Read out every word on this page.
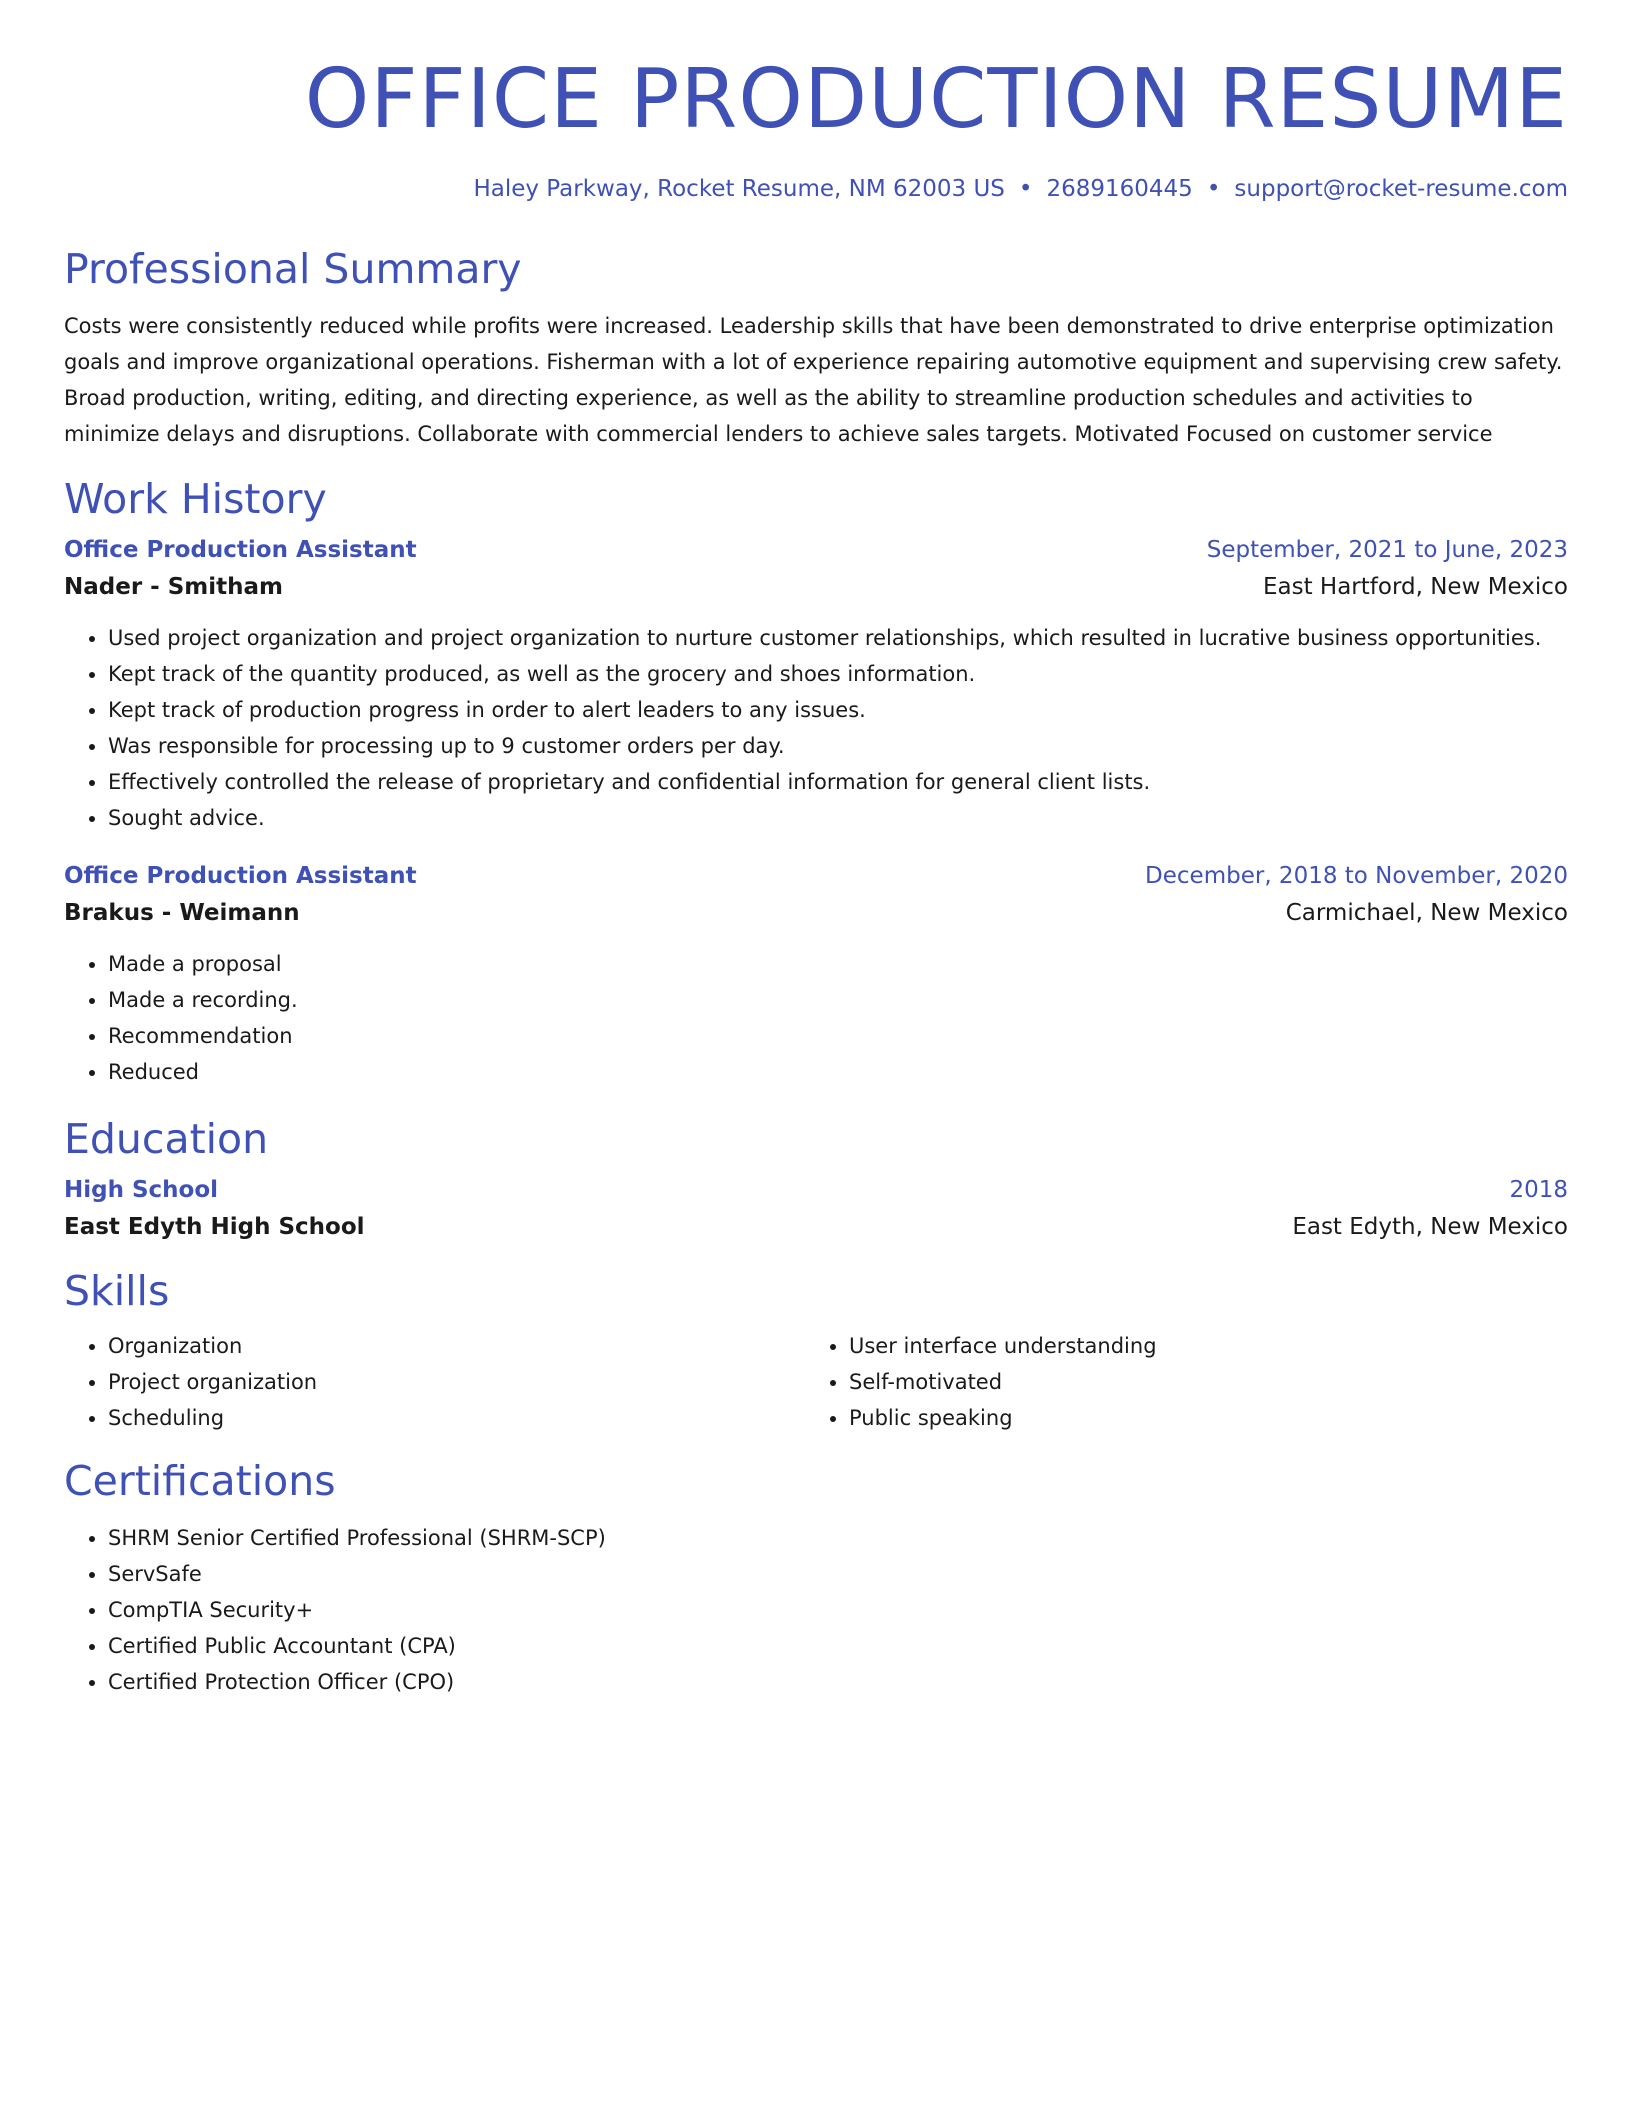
OFFICE PRODUCTION RESUME
Haley Parkway, Rocket Resume, NM 62003 US • 2689160445 • support@rocket-resume.com
Professional Summary

Costs were consistently reduced while profits were increased. Leadership skills that have been demonstrated to drive enterprise optimization goals and improve organizational operations. Fisherman with a lot of experience repairing automotive equipment and supervising crew safety. Broad production, writing, editing, and directing experience, as well as the ability to streamline production schedules and activities to minimize delays and disruptions. Collaborate with commercial lenders to achieve sales targets. Motivated Focused on customer service

Work History
Office Production Assistant	September, 2021 to June, 2023
Nader - Smitham	East Hartford, New Mexico
• Used project organization and project organization to nurture customer relationships, which resulted in lucrative business opportunities.
• Kept track of the quantity produced, as well as the grocery and shoes information.
• Kept track of production progress in order to alert leaders to any issues.
• Was responsible for processing up to 9 customer orders per day.
• Effectively controlled the release of proprietary and confidential information for general client lists.
• Sought advice.
Office Production Assistant	December, 2018 to November, 2020
Brakus - Weimann	Carmichael, New Mexico
• Made a proposal
• Made a recording.
• Recommendation
• Reduced
Education
High School	2018
East Edyth High School	East Edyth, New Mexico
Skills
• Organization
• Project organization
• Scheduling
• User interface understanding
• Self-motivated
• Public speaking
Certifications
• SHRM Senior Certified Professional (SHRM-SCP)
• ServSafe
• CompTIA Security+
• Certified Public Accountant (CPA)
• Certified Protection Officer (CPO)
